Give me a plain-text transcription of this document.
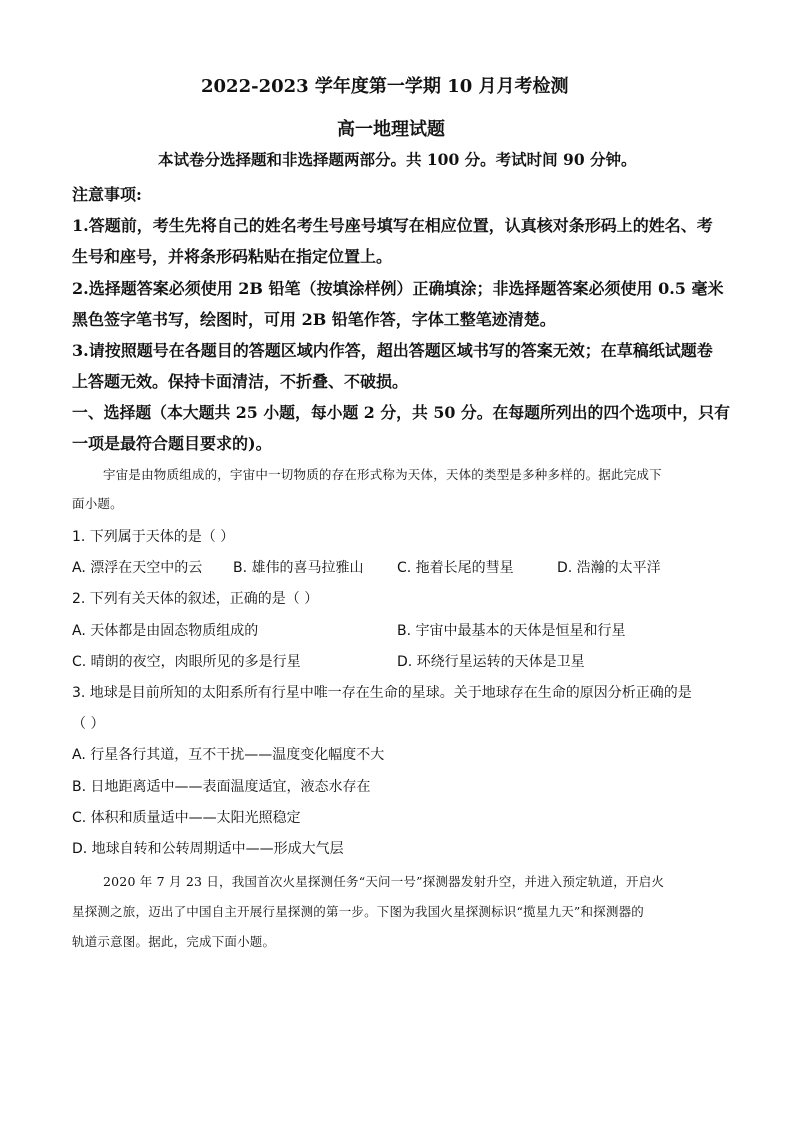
2022-2023 学年度第一学期 10 月月考检测
高一地理试题
本试卷分选择题和非选择题两部分。共 100 分。考试时间 90 分钟。
注意事项:
1.答题前，考生先将自己的姓名考生号座号填写在相应位置，认真核对条形码上的姓名、考
生号和座号，并将条形码粘贴在指定位置上。
2.选择题答案必须使用 2B 铅笔（按填涂样例）正确填涂；非选择题答案必须使用 0.5 毫米
黑色签字笔书写，绘图时，可用 2B 铅笔作答，字体工整笔迹清楚。
3.请按照题号在各题目的答题区域内作答，超出答题区域书写的答案无效；在草稿纸试题卷
上答题无效。保持卡面清洁，不折叠、不破损。
一、选择题（本大题共 25 小题，每小题 2 分，共 50 分。在每题所列出的四个选项中，只有
一项是最符合题目要求的)。
宇宙是由物质组成的，宇宙中一切物质的存在形式称为天体，天体的类型是多种多样的。据此完成下
面小题。
1. 下列属于天体的是（ ）
A. 漂浮在天空中的云 B. 雄伟的喜马拉雅山 C. 拖着长尾的彗星	D. 浩瀚的太平洋
2. 下列有关天体的叙述，正确的是（ ）
A. 天体都是由固态物质组成的	B. 宇宙中最基本的天体是恒星和行星
C. 晴朗的夜空，肉眼所见的多是行星	D. 环绕行星运转的天体是卫星
3. 地球是目前所知的太阳系所有行星中唯一存在生命的星球。关于地球存在生命的原因分析正确的是
（ ）
A. 行星各行其道，互不干扰——温度变化幅度不大
B. 日地距离适中——表面温度适宜，液态水存在
C. 体积和质量适中——太阳光照稳定
D. 地球自转和公转周期适中——形成大气层
2020 年 7 月 23 日，我国首次火星探测任务“天问一号”探测器发射升空，并进入预定轨道，开启火
星探测之旅，迈出了中国自主开展行星探测的第一步。下图为我国火星探测标识“揽星九天”和探测器的
轨道示意图。据此，完成下面小题。
